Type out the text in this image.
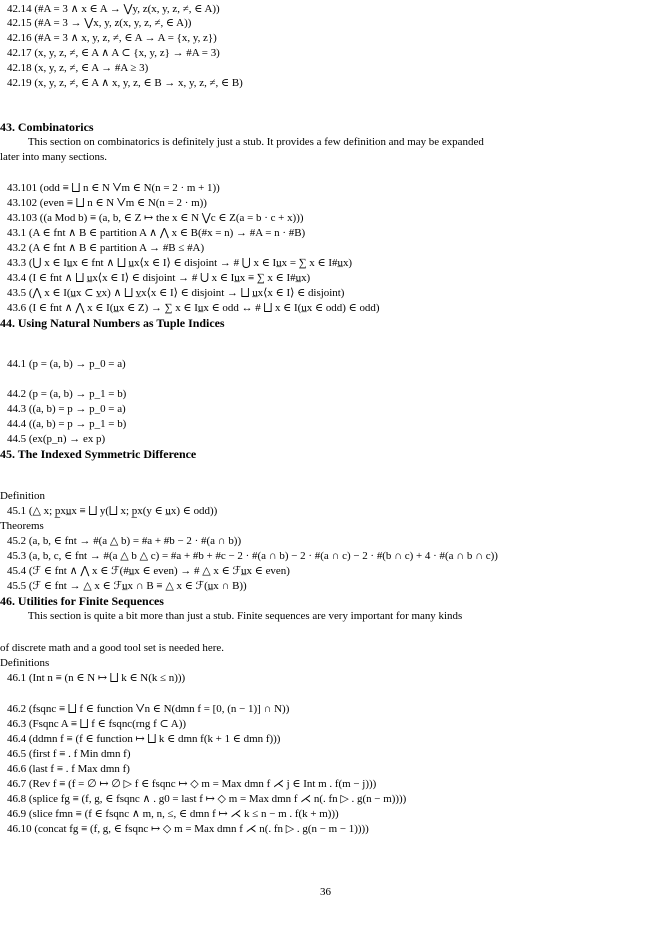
42.14 (#A = 3 ∧ x ∈ A → ⋁y, z(x, y, z, ≠, ∈ A))
42.15 (#A = 3 → ⋁x, y, z(x, y, z, ≠, ∈ A))
42.16 (#A = 3 ∧ x, y, z, ≠, ∈ A → A = {x, y, z})
42.17 (x, y, z, ≠, ∈ A ∧ A ⊂ {x, y, z} → #A = 3)
42.18 (x, y, z, ≠, ∈ A → #A ≥ 3)
42.19 (x, y, z, ≠, ∈ A ∧ x, y, z, ∈ B → x, y, z, ≠, ∈ B)
43. Combinatorics
This section on combinatorics is definitely just a stub. It provides a few definition and may be expanded
later into many sections.
43.101 (odd ≡ ⨆ n ∈ N ⋁m ∈ N(n = 2 · m + 1))
43.102 (even ≡ ⨆ n ∈ N ⋁m ∈ N(n = 2 · m))
43.103 ((a Mod b) ≡ (a, b, ∈ Z ↦ the x ∈ N ⋁c ∈ Z(a = b · c + x)))
43.1 (A ∈ fnt ∧ B ∈ partition A ∧ ⋀ x ∈ B(#x = n) → #A = n · #B)
43.2 (A ∈ fnt ∧ B ∈ partition A → #B ≤ #A)
43.3 (⋃ x ∈ Iu̲x ∈ fnt ∧ ⨆ u̲x⟨x ∈ I⟩ ∈ disjoint → # ⋃ x ∈ Iu̲x = ∑ x ∈ I#u̲x)
43.4 (I ∈ fnt ∧ ⨆ u̲x⟨x ∈ I⟩ ∈ disjoint → # ⋃ x ∈ Iu̲x ≡ ∑ x ∈ I#u̲x)
43.5 (⋀ x ∈ I(u̲x ⊂ v̲x) ∧ ⨆ v̲x⟨x ∈ I⟩ ∈ disjoint → ⨆ u̲x⟨x ∈ I⟩ ∈ disjoint)
43.6 (I ∈ fnt ∧ ⋀ x ∈ I(u̲x ∈ Z) → ∑ x ∈ Iu̲x ∈ odd ↔ # ⨆ x ∈ I(u̲x ∈ odd) ∈ odd)
44. Using Natural Numbers as Tuple Indices
44.1 (p = (a, b) → p_0 = a)
44.2 (p = (a, b) → p_1 = b)
44.3 ((a, b) = p → p_0 = a)
44.4 ((a, b) = p → p_1 = b)
44.5 (ex(p_n) → ex p)
45. The Indexed Symmetric Difference
Definition
45.1 (△ x; p̲xu̲x ≡ ⨆ y(⨆ x; p̲x(y ∈ u̲x) ∈ odd))
Theorems
45.2 (a, b, ∈ fnt → #(a △ b) = #a + #b − 2 · #(a ∩ b))
45.3 (a, b, c, ∈ fnt → #(a △ b △ c) = #a + #b + #c − 2 · #(a ∩ b) − 2 · #(a ∩ c) − 2 · #(b ∩ c) + 4 · #(a ∩ b ∩ c))
45.4 (ℱ ∈ fnt ∧ ⋀ x ∈ ℱ(#u̲x ∈ even) → # △ x ∈ ℱu̲x ∈ even)
45.5 (ℱ ∈ fnt → △ x ∈ ℱu̲x ∩ B ≡ △ x ∈ ℱ(u̲x ∩ B))
46. Utilities for Finite Sequences
This section is quite a bit more than just a stub. Finite sequences are very important for many kinds
of discrete math and a good tool set is needed here.
Definitions
46.1 (Int n ≡ (n ∈ N ↦ ⨆ k ∈ N(k ≤ n)))
46.2 (fsqnc ≡ ⨆ f ∈ function ⋁n ∈ N(dmn f = [0, (n − 1)] ∩ N))
46.3 (Fsqnc A ≡ ⨆ f ∈ fsqnc(rng f ⊂ A))
46.4 (ddmn f ≡ (f ∈ function ↦ ⨆ k ∈ dmn f(k + 1 ∈ dmn f)))
46.5 (first f ≡ . f Min dmn f)
46.6 (last f ≡ . f Max dmn f)
46.7 (Rev f ≡ (f = ∅ ↦ ∅ ▷ f ∈ fsqnc ↦ ◇ m = Max dmn f ⋌ j ∈ Int m . f(m − j)))
46.8 (splice fg ≡ (f, g, ∈ fsqnc ∧ . g0 = last f ↦ ◇ m = Max dmn f ⋌ n(. fn ▷ . g(n − m))))
46.9 (slice fmn ≡ (f ∈ fsqnc ∧ m, n, ≤, ∈ dmn f ↦ ⋌ k ≤ n − m . f(k + m)))
46.10 (concat fg ≡ (f, g, ∈ fsqnc ↦ ◇ m = Max dmn f ⋌ n(. fn ▷ . g(n − m − 1))))
36
